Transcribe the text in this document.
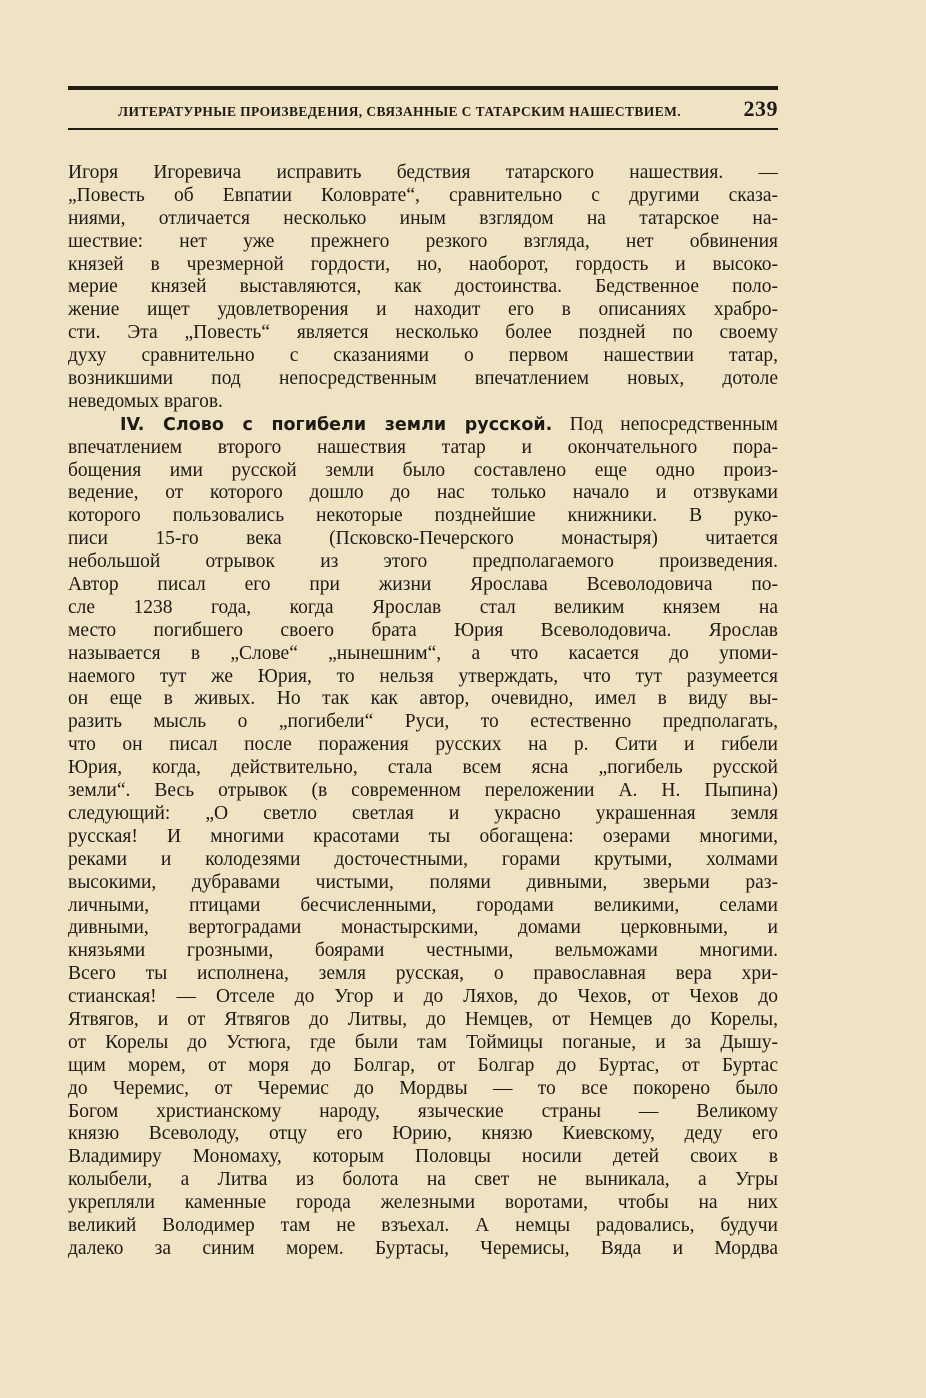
ЛИТЕРАТУРНЫЕ ПРОИЗВЕДЕНИЯ, СВЯЗАННЫЕ С ТАТАРСКИМ НАШЕСТВИЕМ.	239
Игоря Игоревича исправить бедствия татарского нашествия. —
„Повесть об Евпатии Коловрате“, сравнительно с другими сказа-
ниями, отличается несколько иным взглядом на татарское на-
шествие: нет уже прежнего резкого взгляда, нет обвинения
князей в чрезмерной гордости, но, наоборот, гордость и высоко-
мерие князей выставляются, как достоинства. Бедственное поло-
жение ищет удовлетворения и находит его в описаниях храбро-
сти. Эта „Повесть“ является несколько более поздней по своему
духу сравнительно с сказаниями о первом нашествии татар,
возникшими под непосредственным впечатлением новых, дотоле
неведомых врагов.
IV. Слово с погибели земли русской. Под непосредственным
впечатлением второго нашествия татар и окончательного пора-
бощения ими русской земли было составлено еще одно произ-
ведение, от которого дошло до нас только начало и отзвуками
которого пользовались некоторые позднейшие книжники. В руко-
писи 15-го века (Псковско-Печерского монастыря) читается
небольшой отрывок из этого предполагаемого произведения.
Автор писал его при жизни Ярослава Всеволодовича по-
сле 1238 года, когда Ярослав стал великим князем на
место погибшего своего брата Юрия Всеволодовича. Ярослав
называется в „Слове“ „нынешним“, а что касается до упоми-
наемого тут же Юрия, то нельзя утверждать, что тут разумеется
он еще в живых. Но так как автор, очевидно, имел в виду вы-
разить мысль о „погибели“ Руси, то естественно предполагать,
что он писал после поражения русских на р. Сити и гибели
Юрия, когда, действительно, стала всем ясна „погибель русской
земли“. Весь отрывок (в современном переложении А. Н. Пыпина)
следующий: „О светло светлая и украсно украшенная земля
русская! И многими красотами ты обогащена: озерами многими,
реками и колодезями досточестными, горами крутыми, холмами
высокими, дубравами чистыми, полями дивными, зверьми раз-
личными, птицами бесчисленными, городами великими, селами
дивными, вертоградами монастырскими, домами церковными, и
князьями грозными, боярами честными, вельможами многими.
Всего ты исполнена, земля русская, о православная вера хри-
стианская! — Отселе до Угор и до Ляхов, до Чехов, от Чехов до
Ятвягов, и от Ятвягов до Литвы, до Немцев, от Немцев до Корелы,
от Корелы до Устюга, где были там Тоймицы поганые, и за Дышу-
щим морем, от моря до Болгар, от Болгар до Буртас, от Буртас
до Черемис, от Черемис до Мордвы — то все покорено было
Богом христианскому народу, языческие страны — Великому
князю Всеволоду, отцу его Юрию, князю Киевскому, деду его
Владимиру Мономаху, которым Половцы носили детей своих в
колыбели, а Литва из болота на свет не выникала, а Угры
укрепляли каменные города железными воротами, чтобы на них
великий Володимер там не взъехал. А немцы радовались, будучи
далеко за синим морем. Буртасы, Черемисы, Вяда и Мордва
